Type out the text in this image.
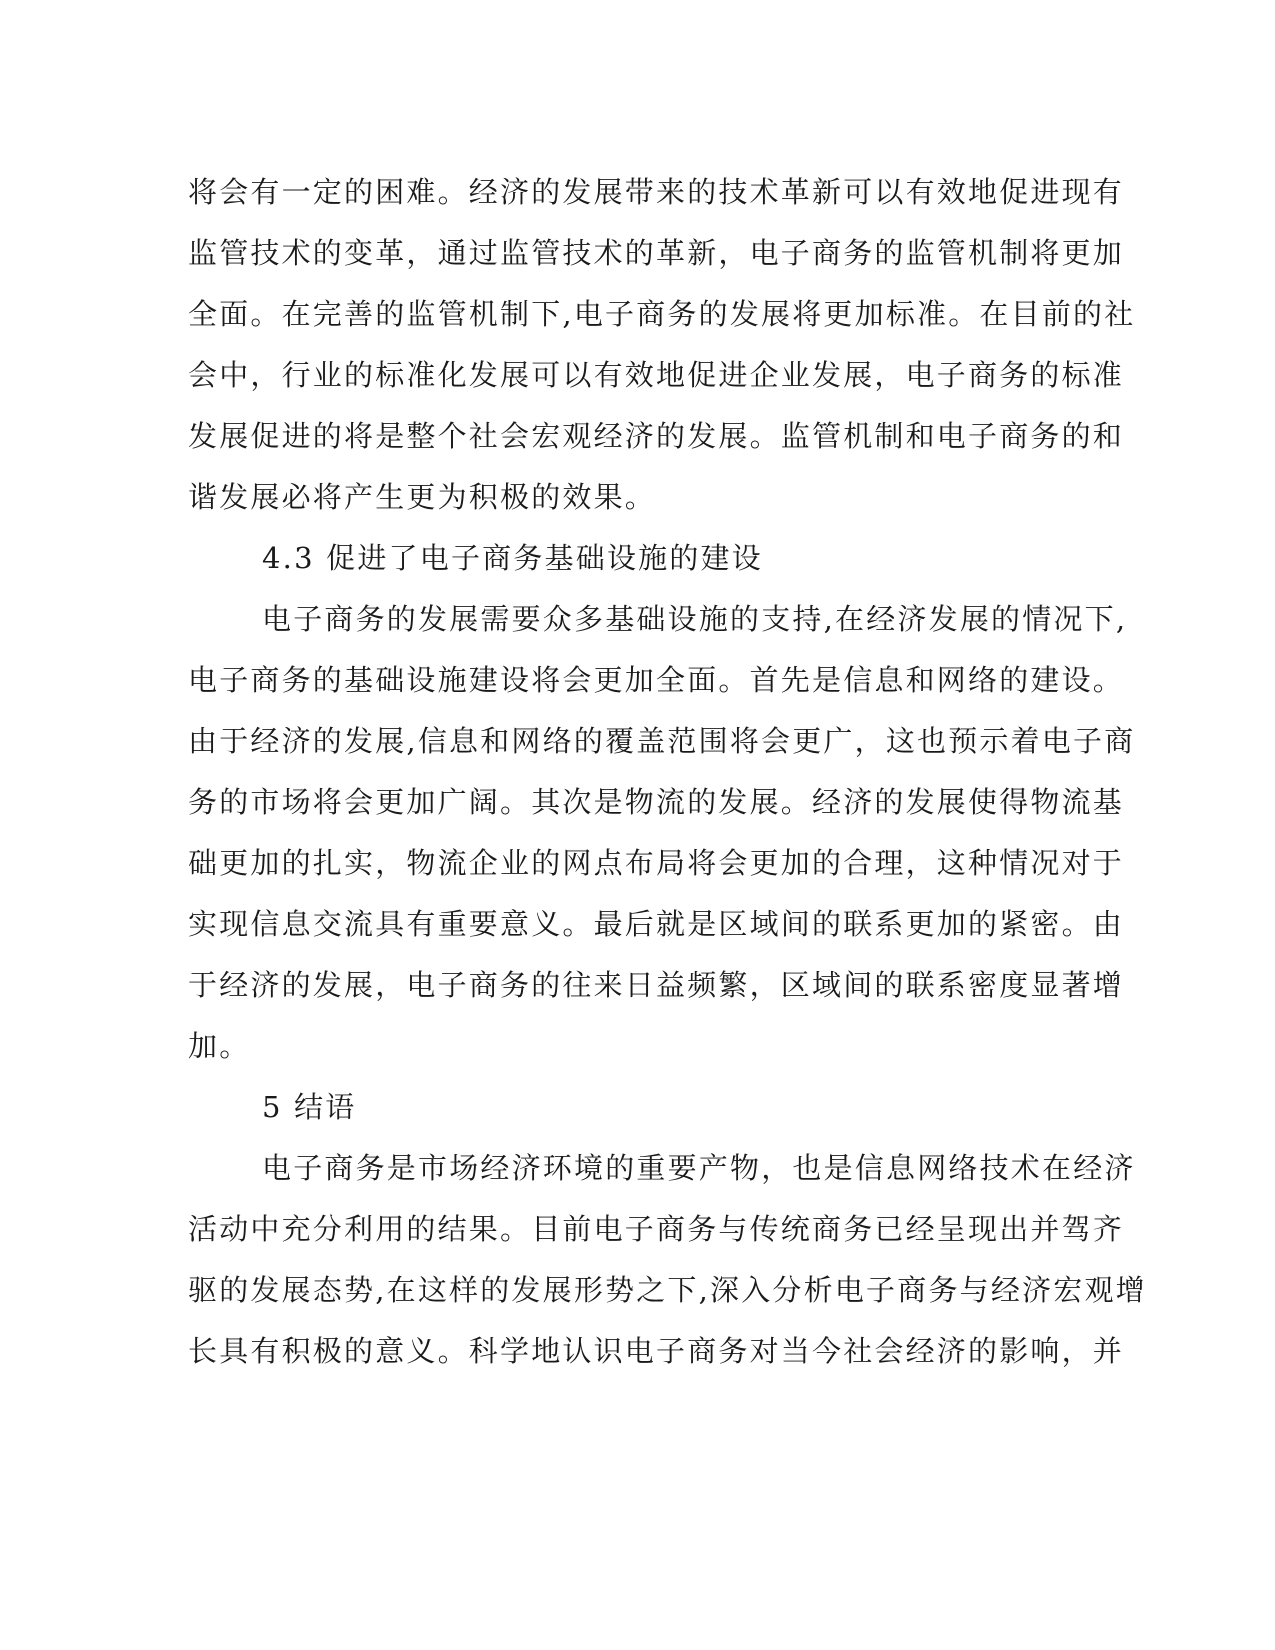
将会有一定的困难。经济的发展带来的技术革新可以有效地促进现有
监管技术的变革，通过监管技术的革新，电子商务的监管机制将更加
全面。在完善的监管机制下,电子商务的发展将更加标准。在目前的社
会中，行业的标准化发展可以有效地促进企业发展，电子商务的标准
发展促进的将是整个社会宏观经济的发展。监管机制和电子商务的和
谐发展必将产生更为积极的效果。
4.3 促进了电子商务基础设施的建设
电子商务的发展需要众多基础设施的支持,在经济发展的情况下,
电子商务的基础设施建设将会更加全面。首先是信息和网络的建设。
由于经济的发展,信息和网络的覆盖范围将会更广，这也预示着电子商
务的市场将会更加广阔。其次是物流的发展。经济的发展使得物流基
础更加的扎实，物流企业的网点布局将会更加的合理，这种情况对于
实现信息交流具有重要意义。最后就是区域间的联系更加的紧密。由
于经济的发展，电子商务的往来日益频繁，区域间的联系密度显著增
加。
5 结语
电子商务是市场经济环境的重要产物，也是信息网络技术在经济
活动中充分利用的结果。目前电子商务与传统商务已经呈现出并驾齐
驱的发展态势,在这样的发展形势之下,深入分析电子商务与经济宏观增
长具有积极的意义。科学地认识电子商务对当今社会经济的影响，并
